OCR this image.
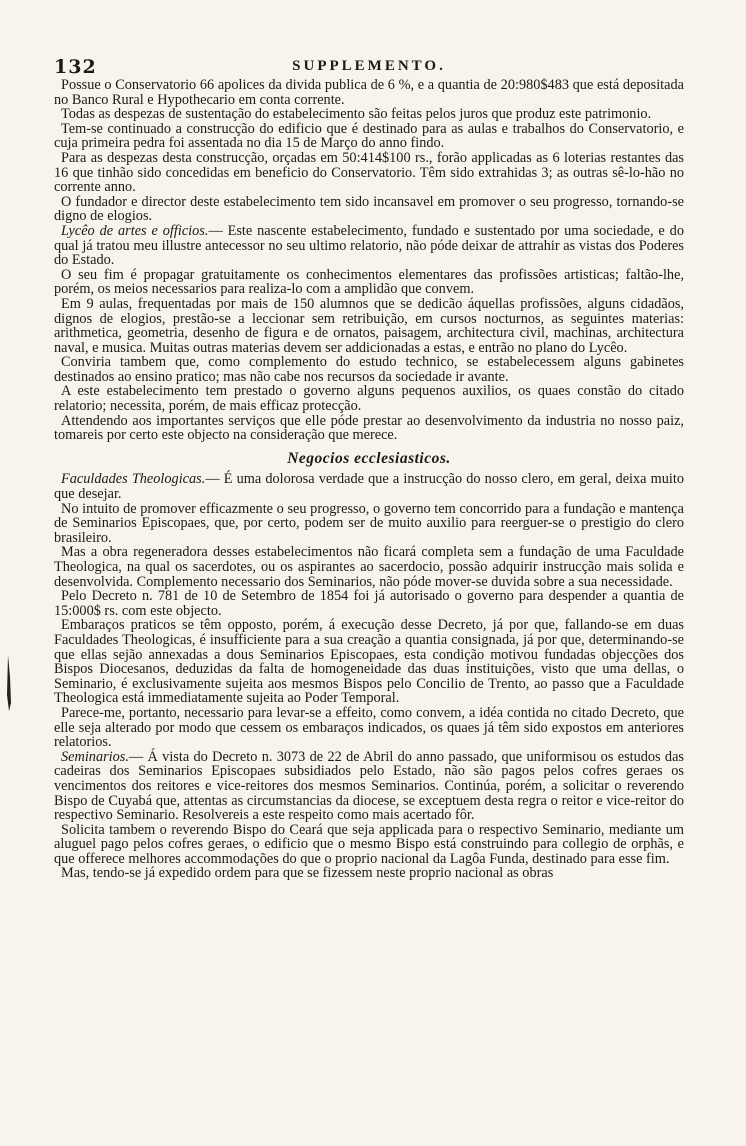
132	SUPPLEMENTO.

Possue o Conservatorio 66 apolices da divida publica de 6 %, e a quantia de 20:980$483 que está depositada no Banco Rural e Hypothecario em conta corrente.

Todas as despezas de sustentação do estabelecimento são feitas pelos juros que produz este patrimonio.

Tem-se continuado a construcção do edificio que é destinado para as aulas e trabalhos do Conservatorio, e cuja primeira pedra foi assentada no dia 15 de Março do anno findo.

Para as despezas desta construcção, orçadas em 50:414$100 rs., forão applicadas as 6 loterias restantes das 16 que tinhão sido concedidas em beneficio do Conservatorio. Têm sido extrahidas 3; as outras sê-lo-hão no corrente anno.

O fundador e director deste estabelecimento tem sido incansavel em promover o seu progresso, tornando-se digno de elogios.

Lycêo de artes e officios.— Este nascente estabelecimento, fundado e sustentado por uma sociedade, e do qual já tratou meu illustre antecessor no seu ultimo relatorio, não póde deixar de attrahir as vistas dos Poderes do Estado.

O seu fim é propagar gratuitamente os conhecimentos elementares das profissões artisticas; faltão-lhe, porém, os meios necessarios para realiza-lo com a amplidão que convem.

Em 9 aulas, frequentadas por mais de 150 alumnos que se dedicão áquellas profissões, alguns cidadãos, dignos de elogios, prestão-se a leccionar sem retribuição, em cursos nocturnos, as seguintes materias: arithmetica, geometria, desenho de figura e de ornatos, paisagem, architectura civil, machinas, architectura naval, e musica. Muitas outras materias devem ser addicionadas a estas, e entrão no plano do Lycêo.

Conviria tambem que, como complemento do estudo technico, se estabelecessem alguns gabinetes destinados ao ensino pratico; mas não cabe nos recursos da sociedade ir avante.

A este estabelecimento tem prestado o governo alguns pequenos auxilios, os quaes constão do citado relatorio; necessita, porém, de mais efficaz protecção.

Attendendo aos importantes serviços que elle póde prestar ao desenvolvimento da industria no nosso paiz, tomareis por certo este objecto na consideração que merece.

Negocios ecclesiasticos.

Faculdades Theologicas.— É uma dolorosa verdade que a instrucção do nosso clero, em geral, deixa muito que desejar.

No intuito de promover efficazmente o seu progresso, o governo tem concorrido para a fundação e mantença de Seminarios Episcopaes, que, por certo, podem ser de muito auxilio para reerguer-se o prestigio do clero brasileiro.

Mas a obra regeneradora desses estabelecimentos não ficará completa sem a fundação de uma Faculdade Theologica, na qual os sacerdotes, ou os aspirantes ao sacerdocio, possão adquirir instrucção mais solida e desenvolvida. Complemento necessario dos Seminarios, não póde mover-se duvida sobre a sua necessidade.

Pelo Decreto n. 781 de 10 de Setembro de 1854 foi já autorisado o governo para despender a quantia de 15:000$ rs. com este objecto.

Embaraços praticos se têm opposto, porém, á execução desse Decreto, já por que, fallando-se em duas Faculdades Theologicas, é insufficiente para a sua creação a quantia consignada, já por que, determinando-se que ellas sejão annexadas a dous Seminarios Episcopaes, esta condição motivou fundadas objecções dos Bispos Diocesanos, deduzidas da falta de homogeneidade das duas instituições, visto que uma dellas, o Seminario, é exclusivamente sujeita aos mesmos Bispos pelo Concilio de Trento, ao passo que a Faculdade Theologica está immediatamente sujeita ao Poder Temporal.

Parece-me, portanto, necessario para levar-se a effeito, como convem, a idéa contida no citado Decreto, que elle seja alterado por modo que cessem os embaraços indicados, os quaes já têm sido expostos em anteriores relatorios.

Seminarios.— Á vista do Decreto n. 3073 de 22 de Abril do anno passado, que uniformisou os estudos das cadeiras dos Seminarios Episcopaes subsidiados pelo Estado, não são pagos pelos cofres geraes os vencimentos dos reitores e vice-reitores dos mesmos Seminarios. Continúa, porém, a solicitar o reverendo Bispo de Cuyabá que, attentas as circumstancias da diocese, se exceptuem desta regra o reitor e vice-reitor do respectivo Seminario. Resolvereis a este respeito como mais acertado fôr.

Solicita tambem o reverendo Bispo do Ceará que seja applicada para o respectivo Seminario, mediante um aluguel pago pelos cofres geraes, o edificio que o mesmo Bispo está construindo para collegio de orphãs, e que offerece melhores accommodações do que o proprio nacional da Lagôa Funda, destinado para esse fim.

Mas, tendo-se já expedido ordem para que se fizessem neste proprio nacional as obras
